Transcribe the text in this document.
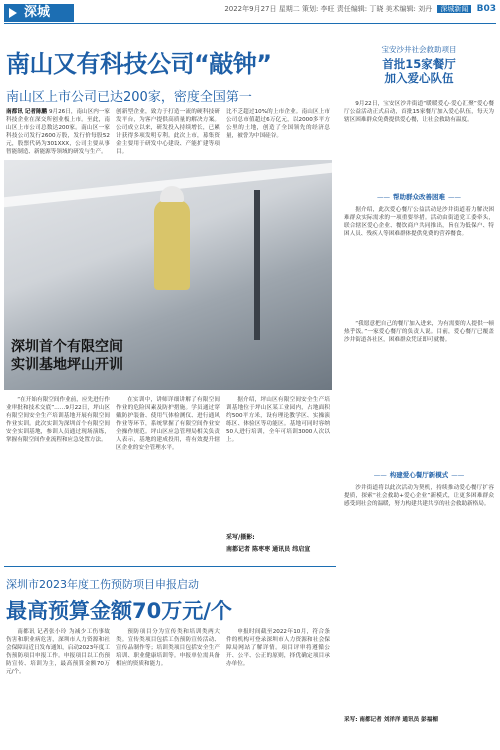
深城	2022年9月27日 星期二 策划: 李旺 责任编辑: 丁晓 美术编辑: 刘丹 深城新闻 B03
南山又有科技公司“敲钟”
南山区上市公司已达200家，密度全国第一
南都讯 记者陈鹏 9月26日，南山区内一家科技企业在深交所创业板上市。至此，南山区上市公司总数达200家。南山区一家科技公司发行2600万股，发行价每股52元，股票代码为301XXX，公司主要从事智能制造、新能源等领域的研发与生产。
创新型企业，致力于打造一流的硬科技研发平台，为客户提供高质量的解决方案。公司成立以来，研发投入持续增长，已累计获得多项发明专利。此次上市，募集资金主要用于研发中心建设、产能扩建等项目。
比不乏超过10%的上市企业。南山区上市公司总市值超过6万亿元，以2000多平方公里的土地，创造了全国领先的经济总量，被誉为中国硅谷。
深圳首个有限空间
实训基地坪山开训

“在开始有限空间作业前，应先进行作业审批和技术交底”……9月22日，坪山区有限空间安全生产培训基地开展有限空间作业实训。此次实训为深圳首个有限空间安全实训基地，参训人员通过现场演练，掌握有限空间作业流程和应急处置方法。

在实训中，讲师详细讲解了有限空间作业的危险因素及防护措施。学员通过穿戴防护装备、使用气体检测仪、进行通风作业等环节，系统掌握了有限空间作业安全操作规范。坪山区应急管理局相关负责人表示，基地的建成投用，将有效提升辖区企业的安全管理水平。

据介绍，坪山区有限空间安全生产培训基地位于坪山区某工业园内，占地面积约500平方米，设有理论教学区、实操演练区、体验区等功能区。基地可同时容纳50人进行培训，全年可培训3000人次以上。

采写/摄影:
南都记者 陈枣枣 通讯员 纬启宣
深圳市2023年度工伤预防项目申报启动
最高预算金额70万元/个

南都讯 记者张小玲 为减少工伤事故伤害和职业病危害，深圳市人力资源和社会保障局近日发布通知，启动2023年度工伤预防项目申报工作。申报项目以工伤预防宣传、培训为主，最高预算金额70万元/个。

预防项目分为宣传类和培训类两大类。宣传类项目包括工伤预防宣传活动、宣传品制作等；培训类项目包括安全生产培训、职业健康培训等。申报单位需具备相应的资质和能力。

申报时间截至2022年10月，符合条件的机构可登录深圳市人力资源和社会保障局网站了解详情。项目评审将遵循公开、公平、公正的原则，择优确定项目承办单位。

宝安沙井社会救助项目
首批15家餐厅
加入爱心队伍

9月22日，宝安区沙井街道“暖暖爱心·爱心汇聚”爱心餐厅公益活动正式启动，首批15家餐厅加入爱心队伍，每天为辖区困难群众免费提供爱心餐，让社会救助有温度。

—— 帮助群众改善困难 ——

据介绍，此次爱心餐厅公益活动是沙井街道着力解决困难群众实际需求的一项重要举措。活动由街道党工委牵头，联合辖区爱心企业、餐饮商户共同推出，旨在为低保户、特困人员、残疾人等困难群体提供免费的营养餐食。

“我愿意把自己的餐厅加入进来，为有需要的人提供一顿热乎饭。”一家爱心餐厅的负责人说。目前，爱心餐厅已覆盖沙井街道各社区，困难群众凭证即可就餐。

—— 构建爱心餐厅新模式 ——

沙井街道将以此次活动为契机，持续推动爱心餐厅扩容提质，探索“社会救助+爱心企业”新模式，让更多困难群众感受到社会的温暖，努力构建共建共享的社会救助新格局。

采写: 南都记者 刘洋洋 通讯员 彭福楣
